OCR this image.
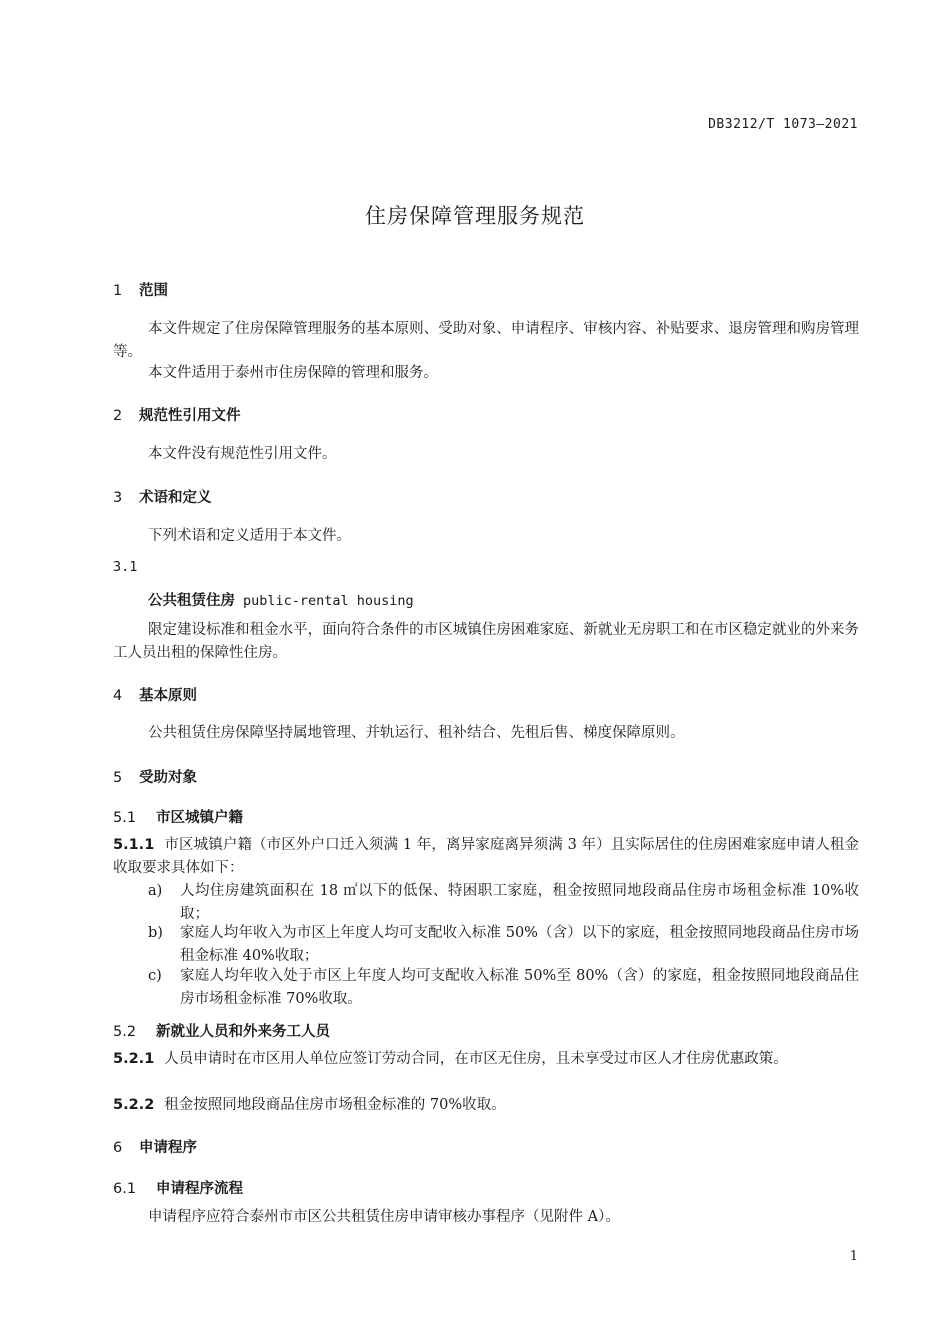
DB3212/T 1073—2021
住房保障管理服务规范
1 范围
本文件规定了住房保障管理服务的基本原则、受助对象、申请程序、审核内容、补贴要求、退房管理和购房管理等。
本文件适用于泰州市住房保障的管理和服务。
2 规范性引用文件
本文件没有规范性引用文件。
3 术语和定义
下列术语和定义适用于本文件。
3.1
公共租赁住房 public-rental housing
限定建设标准和租金水平，面向符合条件的市区城镇住房困难家庭、新就业无房职工和在市区稳定就业的外来务工人员出租的保障性住房。
4 基本原则
公共租赁住房保障坚持属地管理、并轨运行、租补结合、先租后售、梯度保障原则。
5 受助对象
5.1 市区城镇户籍
5.1.1 市区城镇户籍（市区外户口迁入须满 1 年，离异家庭离异须满 3 年）且实际居住的住房困难家庭申请人租金收取要求具体如下：
a) 人均住房建筑面积在 18 ㎡以下的低保、特困职工家庭，租金按照同地段商品住房市场租金标准 10%收取；
b) 家庭人均年收入为市区上年度人均可支配收入标准 50%（含）以下的家庭，租金按照同地段商品住房市场租金标准 40%收取；
c) 家庭人均年收入处于市区上年度人均可支配收入标准 50%至 80%（含）的家庭，租金按照同地段商品住房市场租金标准 70%收取。
5.2 新就业人员和外来务工人员
5.2.1 人员申请时在市区用人单位应签订劳动合同，在市区无住房，且未享受过市区人才住房优惠政策。
5.2.2 租金按照同地段商品住房市场租金标准的 70%收取。
6 申请程序
6.1 申请程序流程
申请程序应符合泰州市市区公共租赁住房申请审核办事程序（见附件 A）。
1
